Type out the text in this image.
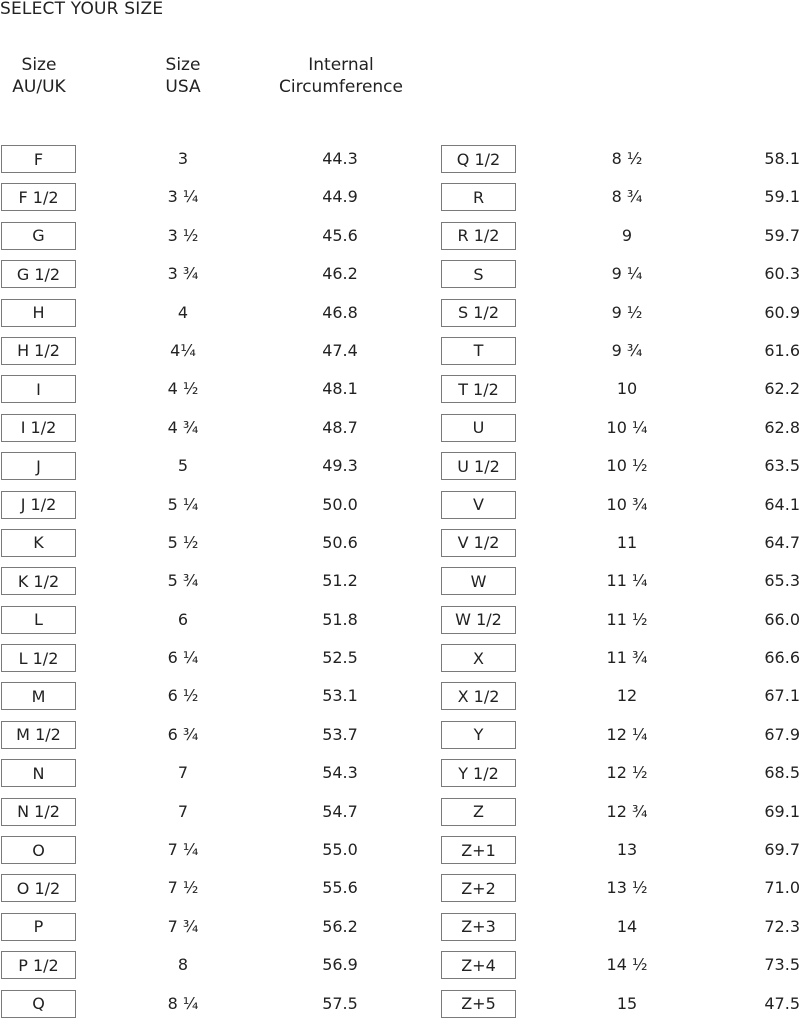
SELECT YOUR SIZE
Size
AU/UK
Size
USA
Internal
Circumference
F	3	44.3
F 1/2	3 ¼	44.9
G	3 ½	45.6
G 1/2	3 ¾	46.2
H	4	46.8
H 1/2	4¼	47.4
I	4 ½	48.1
I 1/2	4 ¾	48.7
J	5	49.3
J 1/2	5 ¼	50.0
K	5 ½	50.6
K 1/2	5 ¾	51.2
L	6	51.8
L 1/2	6 ¼	52.5
M	6 ½	53.1
M 1/2	6 ¾	53.7
N	7	54.3
N 1/2	7	54.7
O	7 ¼	55.0
O 1/2	7 ½	55.6
P	7 ¾	56.2
P 1/2	8	56.9
Q	8 ¼	57.5
Q 1/2	8 ½	58.1
R	8 ¾	59.1
R 1/2	9	59.7
S	9 ¼	60.3
S 1/2	9 ½	60.9
T	9 ¾	61.6
T 1/2	10	62.2
U	10 ¼	62.8
U 1/2	10 ½	63.5
V	10 ¾	64.1
V 1/2	11	64.7
W	11 ¼	65.3
W 1/2	11 ½	66.0
X	11 ¾	66.6
X 1/2	12	67.1
Y	12 ¼	67.9
Y 1/2	12 ½	68.5
Z	12 ¾	69.1
Z+1	13	69.7
Z+2	13 ½	71.0
Z+3	14	72.3
Z+4	14 ½	73.5
Z+5	15	47.5
